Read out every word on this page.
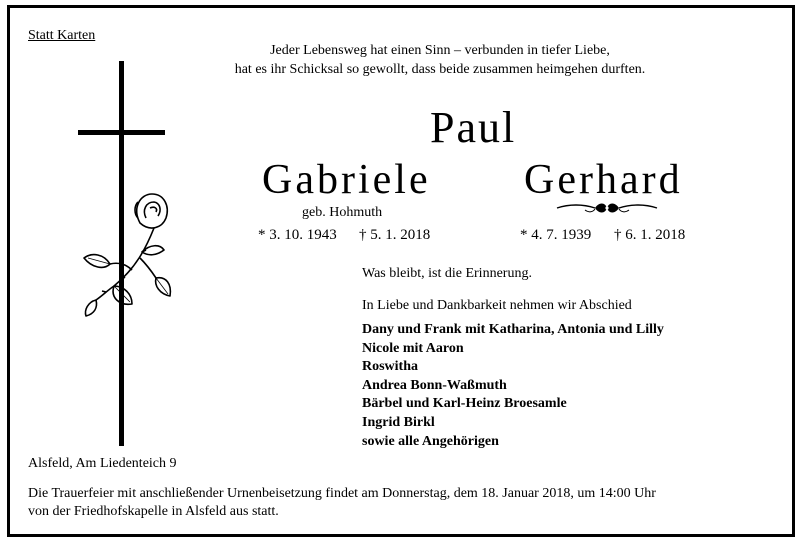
Statt Karten
Jeder Lebensweg hat einen Sinn – verbunden in tiefer Liebe,
hat es ihr Schicksal so gewollt, dass beide zusammen heimgehen durften.
Paul
Gabriele Gerhard
geb. Hohmuth
* 3. 10. 1943 † 5. 1. 2018	* 4. 7. 1939 † 6. 1. 2018
Was bleibt, ist die Erinnerung.
In Liebe und Dankbarkeit nehmen wir Abschied
Dany und Frank mit Katharina, Antonia und Lilly
Nicole mit Aaron
Roswitha
Andrea Bonn-Waßmuth
Bärbel und Karl-Heinz Broesamle
Ingrid Birkl
sowie alle Angehörigen
Alsfeld, Am Liedenteich 9
Die Trauerfeier mit anschließender Urnenbeisetzung findet am Donnerstag, dem 18. Januar 2018, um 14:00 Uhr
von der Friedhofskapelle in Alsfeld aus statt.
